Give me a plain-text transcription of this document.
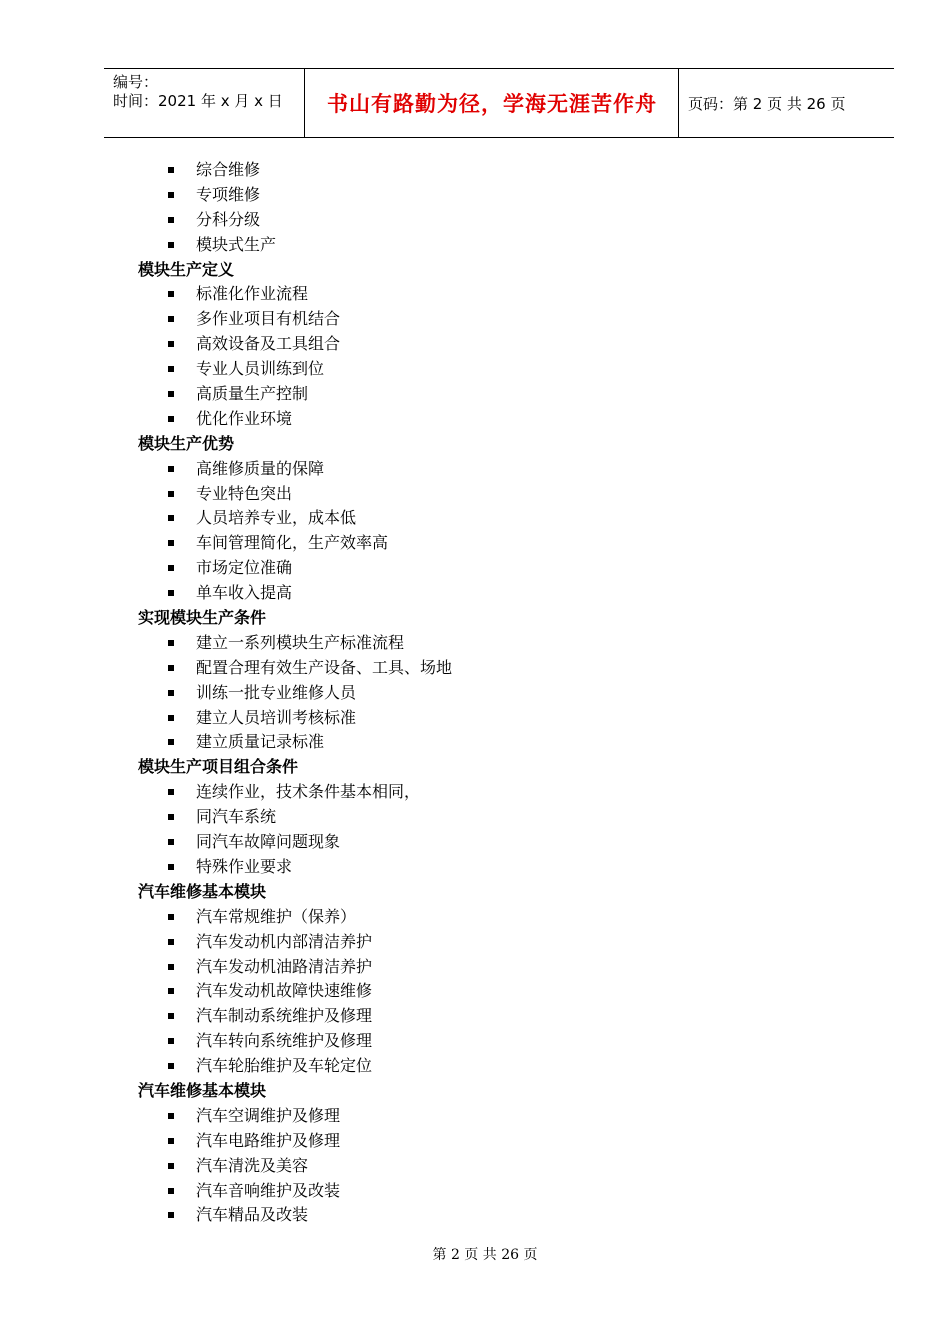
编号：
时间：2021 年 x 月 x 日 书山有路勤为径，学海无涯苦作舟 页码：第 2 页 共 26 页
综合维修
专项维修
分科分级
模块式生产
模块生产定义
标准化作业流程
多作业项目有机结合
高效设备及工具组合
专业人员训练到位
高质量生产控制
优化作业环境
模块生产优势
高维修质量的保障
专业特色突出
人员培养专业，成本低
车间管理简化，生产效率高
市场定位准确
单车收入提高
实现模块生产条件
建立一系列模块生产标准流程
配置合理有效生产设备、工具、场地
训练一批专业维修人员
建立人员培训考核标准
建立质量记录标准
模块生产项目组合条件
连续作业，技术条件基本相同，
同汽车系统
同汽车故障问题现象
特殊作业要求
汽车维修基本模块
汽车常规维护（保养）
汽车发动机内部清洁养护
汽车发动机油路清洁养护
汽车发动机故障快速维修
汽车制动系统维护及修理
汽车转向系统维护及修理
汽车轮胎维护及车轮定位
汽车维修基本模块
汽车空调维护及修理
汽车电路维护及修理
汽车清洗及美容
汽车音响维护及改装
汽车精品及改装
第 2 页 共 26 页
